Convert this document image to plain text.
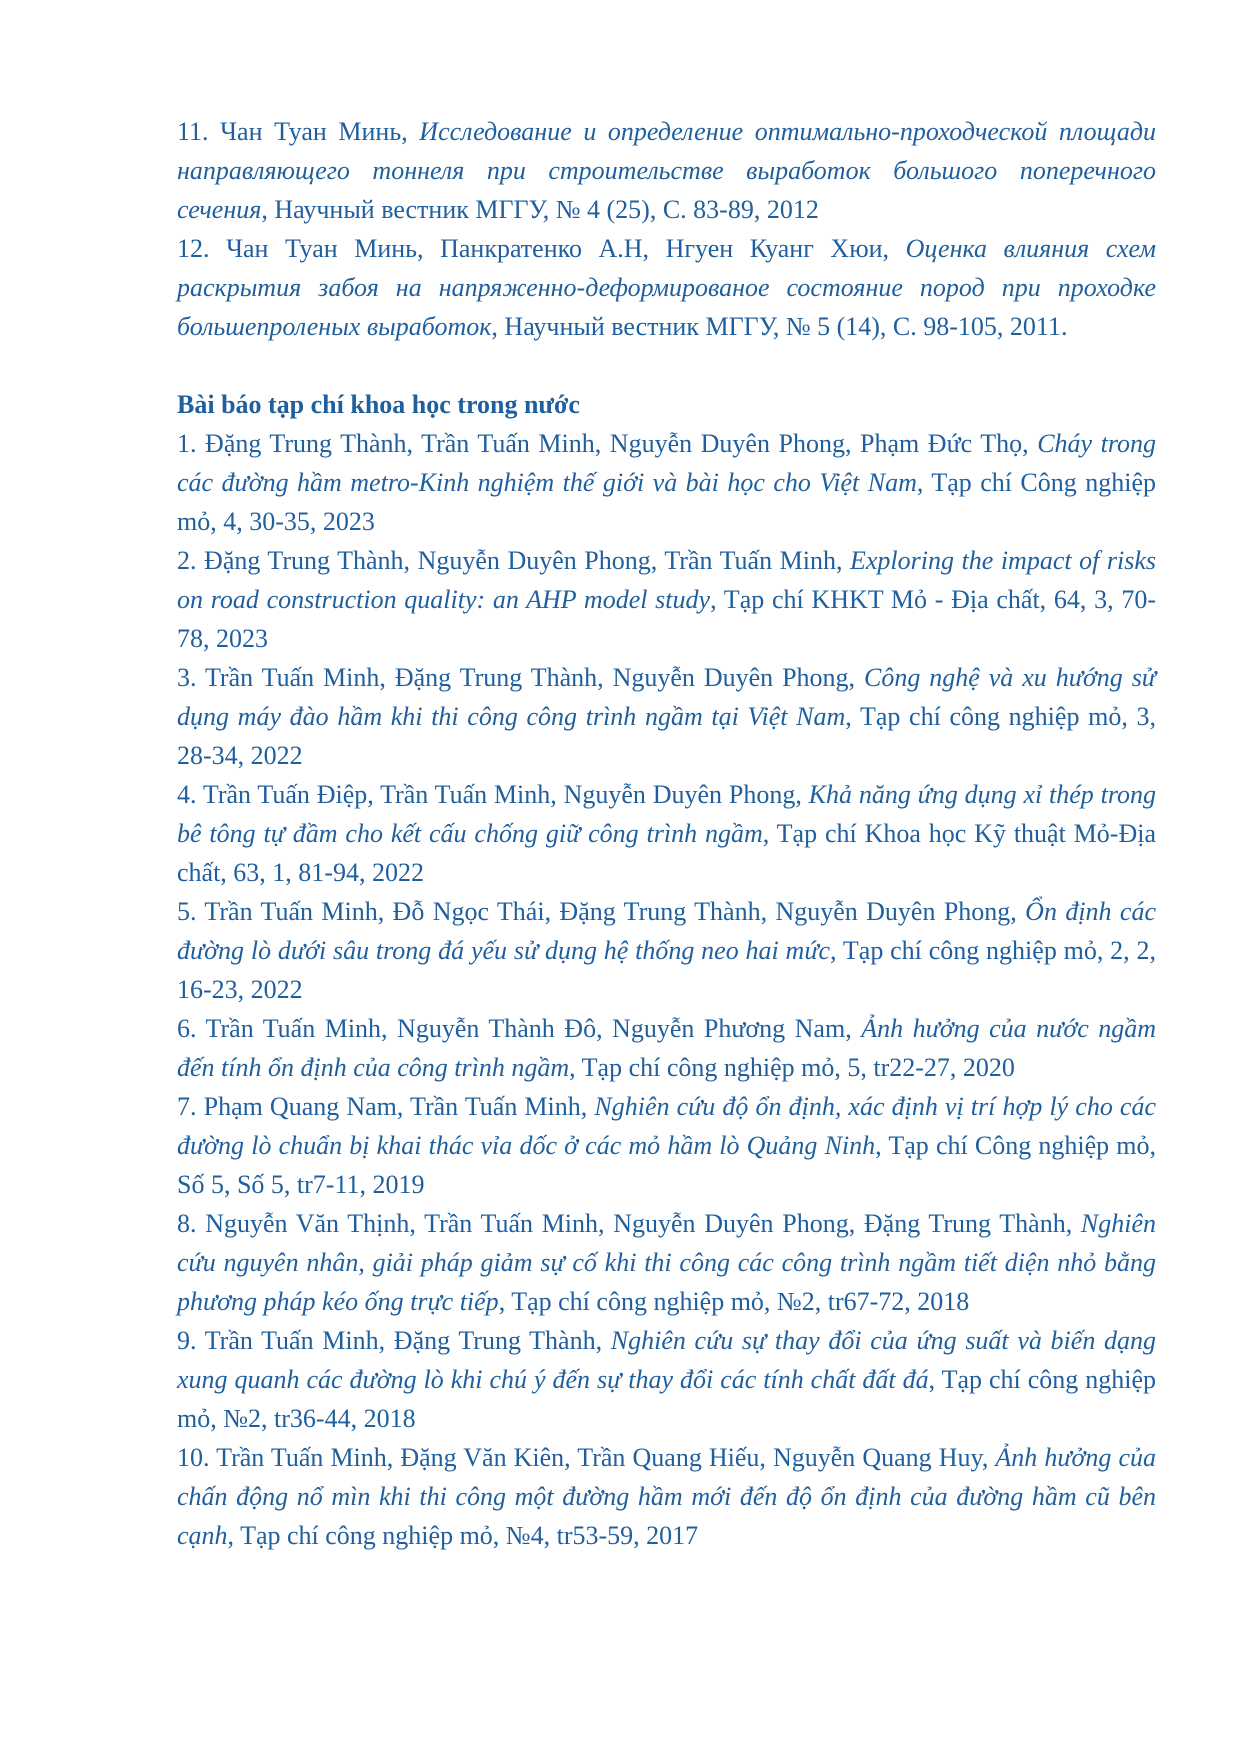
11. Чан Туан Минь, Исследование и определение оптимально-проходческой площади направляющего тоннеля при строительстве выработок большого поперечного сечения, Научный вестник МГГУ, № 4 (25), С. 83-89, 2012

12. Чан Туан Минь, Панкратенко А.Н, Нгуен Куанг Хюи, Оценка влияния схем раскрытия забоя на напряженно-деформированое состояние пород при проходке большепроленых выработок, Научный вестник МГГУ, № 5 (14), С. 98-105, 2011.

Bài báo tạp chí khoa học trong nước

1. Đặng Trung Thành, Trần Tuấn Minh, Nguyễn Duyên Phong, Phạm Đức Thọ, Cháy trong các đường hầm metro-Kinh nghiệm thế giới và bài học cho Việt Nam, Tạp chí Công nghiệp mỏ, 4, 30-35, 2023

2. Đặng Trung Thành, Nguyễn Duyên Phong, Trần Tuấn Minh, Exploring the impact of risks on road construction quality: an AHP model study, Tạp chí KHKT Mỏ - Địa chất, 64, 3, 70-78, 2023

3. Trần Tuấn Minh, Đặng Trung Thành, Nguyễn Duyên Phong, Công nghệ và xu hướng sử dụng máy đào hầm khi thi công công trình ngầm tại Việt Nam, Tạp chí công nghiệp mỏ, 3, 28-34, 2022

4. Trần Tuấn Điệp, Trần Tuấn Minh, Nguyễn Duyên Phong, Khả năng ứng dụng xỉ thép trong bê tông tự đầm cho kết cấu chống giữ công trình ngầm, Tạp chí Khoa học Kỹ thuật Mỏ-Địa chất, 63, 1, 81-94, 2022

5. Trần Tuấn Minh, Đỗ Ngọc Thái, Đặng Trung Thành, Nguyễn Duyên Phong, Ổn định các đường lò dưới sâu trong đá yếu sử dụng hệ thống neo hai mức, Tạp chí công nghiệp mỏ, 2, 2, 16-23, 2022

6. Trần Tuấn Minh, Nguyễn Thành Đô, Nguyễn Phương Nam, Ảnh hưởng của nước ngầm đến tính ổn định của công trình ngầm, Tạp chí công nghiệp mỏ, 5, tr22-27, 2020

7. Phạm Quang Nam, Trần Tuấn Minh, Nghiên cứu độ ổn định, xác định vị trí hợp lý cho các đường lò chuẩn bị khai thác vỉa dốc ở các mỏ hầm lò Quảng Ninh, Tạp chí Công nghiệp mỏ, Số 5, Số 5, tr7-11, 2019

8. Nguyễn Văn Thịnh, Trần Tuấn Minh, Nguyễn Duyên Phong, Đặng Trung Thành, Nghiên cứu nguyên nhân, giải pháp giảm sự cố khi thi công các công trình ngầm tiết diện nhỏ bằng phương pháp kéo ống trực tiếp, Tạp chí công nghiệp mỏ, №2, tr67-72, 2018

9. Trần Tuấn Minh, Đặng Trung Thành, Nghiên cứu sự thay đổi của ứng suất và biến dạng xung quanh các đường lò khi chú ý đến sự thay đổi các tính chất đất đá, Tạp chí công nghiệp mỏ, №2, tr36-44, 2018

10. Trần Tuấn Minh, Đặng Văn Kiên, Trần Quang Hiếu, Nguyễn Quang Huy, Ảnh hưởng của chấn động nổ mìn khi thi công một đường hầm mới đến độ ổn định của đường hầm cũ bên cạnh, Tạp chí công nghiệp mỏ, №4, tr53-59, 2017
